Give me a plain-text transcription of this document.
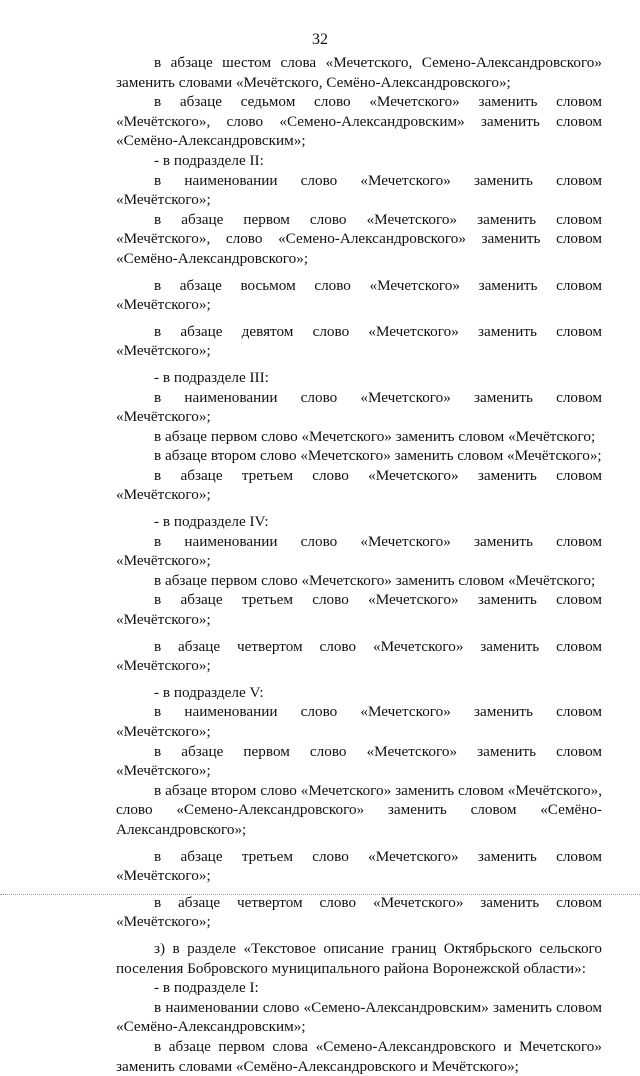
32

в абзаце шестом слова «Мечетского, Семено-Александровского» заменить словами «Мечётского, Семёно-Александровского»;

в абзаце седьмом слово «Мечетского» заменить словом «Мечётского», слово «Семено-Александровским» заменить словом «Семёно-Александровским»;

- в подразделе II:

в наименовании слово «Мечетского» заменить словом «Мечётского»;

в абзаце первом слово «Мечетского» заменить словом «Мечётского», слово «Семено-Александровского» заменить словом «Семёно-Александровского»;

в абзаце восьмом слово «Мечетского» заменить словом «Мечётского»;

в абзаце девятом слово «Мечетского» заменить словом «Мечётского»;

- в подразделе III:

в наименовании слово «Мечетского» заменить словом «Мечётского»;

в абзаце первом слово «Мечетского» заменить словом «Мечётского;

в абзаце втором слово «Мечетского» заменить словом «Мечётского»;

в абзаце третьем слово «Мечетского» заменить словом «Мечётского»;

- в подразделе IV:

в наименовании слово «Мечетского» заменить словом «Мечётского»;

в абзаце первом слово «Мечетского» заменить словом «Мечётского;

в абзаце третьем слово «Мечетского» заменить словом «Мечётского»;

в абзаце четвертом слово «Мечетского» заменить словом «Мечётского»;

- в подразделе V:

в наименовании слово «Мечетского» заменить словом «Мечётского»;

в абзаце первом слово «Мечетского» заменить словом «Мечётского»;

в абзаце втором слово «Мечетского» заменить словом «Мечётского», слово «Семено-Александровского» заменить словом «Семёно-Александровского»;

в абзаце третьем слово «Мечетского» заменить словом «Мечётского»;

в абзаце четвертом слово «Мечетского» заменить словом «Мечётского»;

з) в разделе «Текстовое описание границ Октябрьского сельского поселения Бобровского муниципального района Воронежской области»:

- в подразделе I:

в наименовании слово «Семено-Александровским» заменить словом «Семёно-Александровским»;

в абзаце первом слова «Семено-Александровского и Мечетского» заменить словами «Семёно-Александровского и Мечётского»;
